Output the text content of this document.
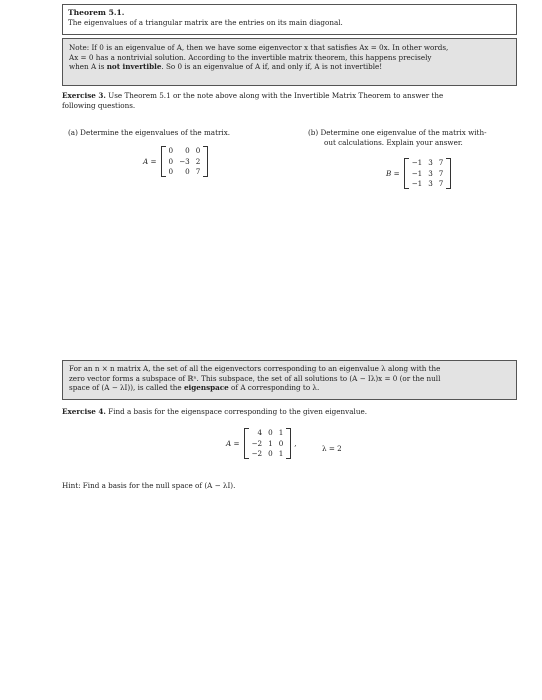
Theorem 5.1.
The eigenvalues of a triangular matrix are the entries on its main diagonal.
Note: If 0 is an eigenvalue of A, then we have some eigenvector x that satisfies Ax = 0x. In other words,
Ax = 0 has a nontrivial solution. According to the invertible matrix theorem, this happens precisely
when A is not invertible. So 0 is an eigenvalue of A if, and only if, A is not invertible!
Exercise 3. Use Theorem 5.1 or the note above along with the Invertible Matrix Theorem to answer the
following questions.
(a) Determine the eigenvalues of the matrix.
A =
0	0 0
0 −3 2
0	0 7
(b) Determine one eigenvalue of the matrix with-
out calculations. Explain your answer.
B =
−1 3 7
−1 3 7
−1 3 7
For an n × n matrix A, the set of all the eigenvectors corresponding to an eigenvalue λ along with the
zero vector forms a subspace of ℝⁿ. This subspace, the set of all solutions to (A − Iλ)x = 0 (or the null
space of (A − λI)), is called the eigenspace of A corresponding to λ.
Exercise 4. Find a basis for the eigenspace corresponding to the given eigenvalue.
A =
4 0 1
−2 1 0
−2 0 1
,
λ = 2
Hint: Find a basis for the null space of (A − λI).
